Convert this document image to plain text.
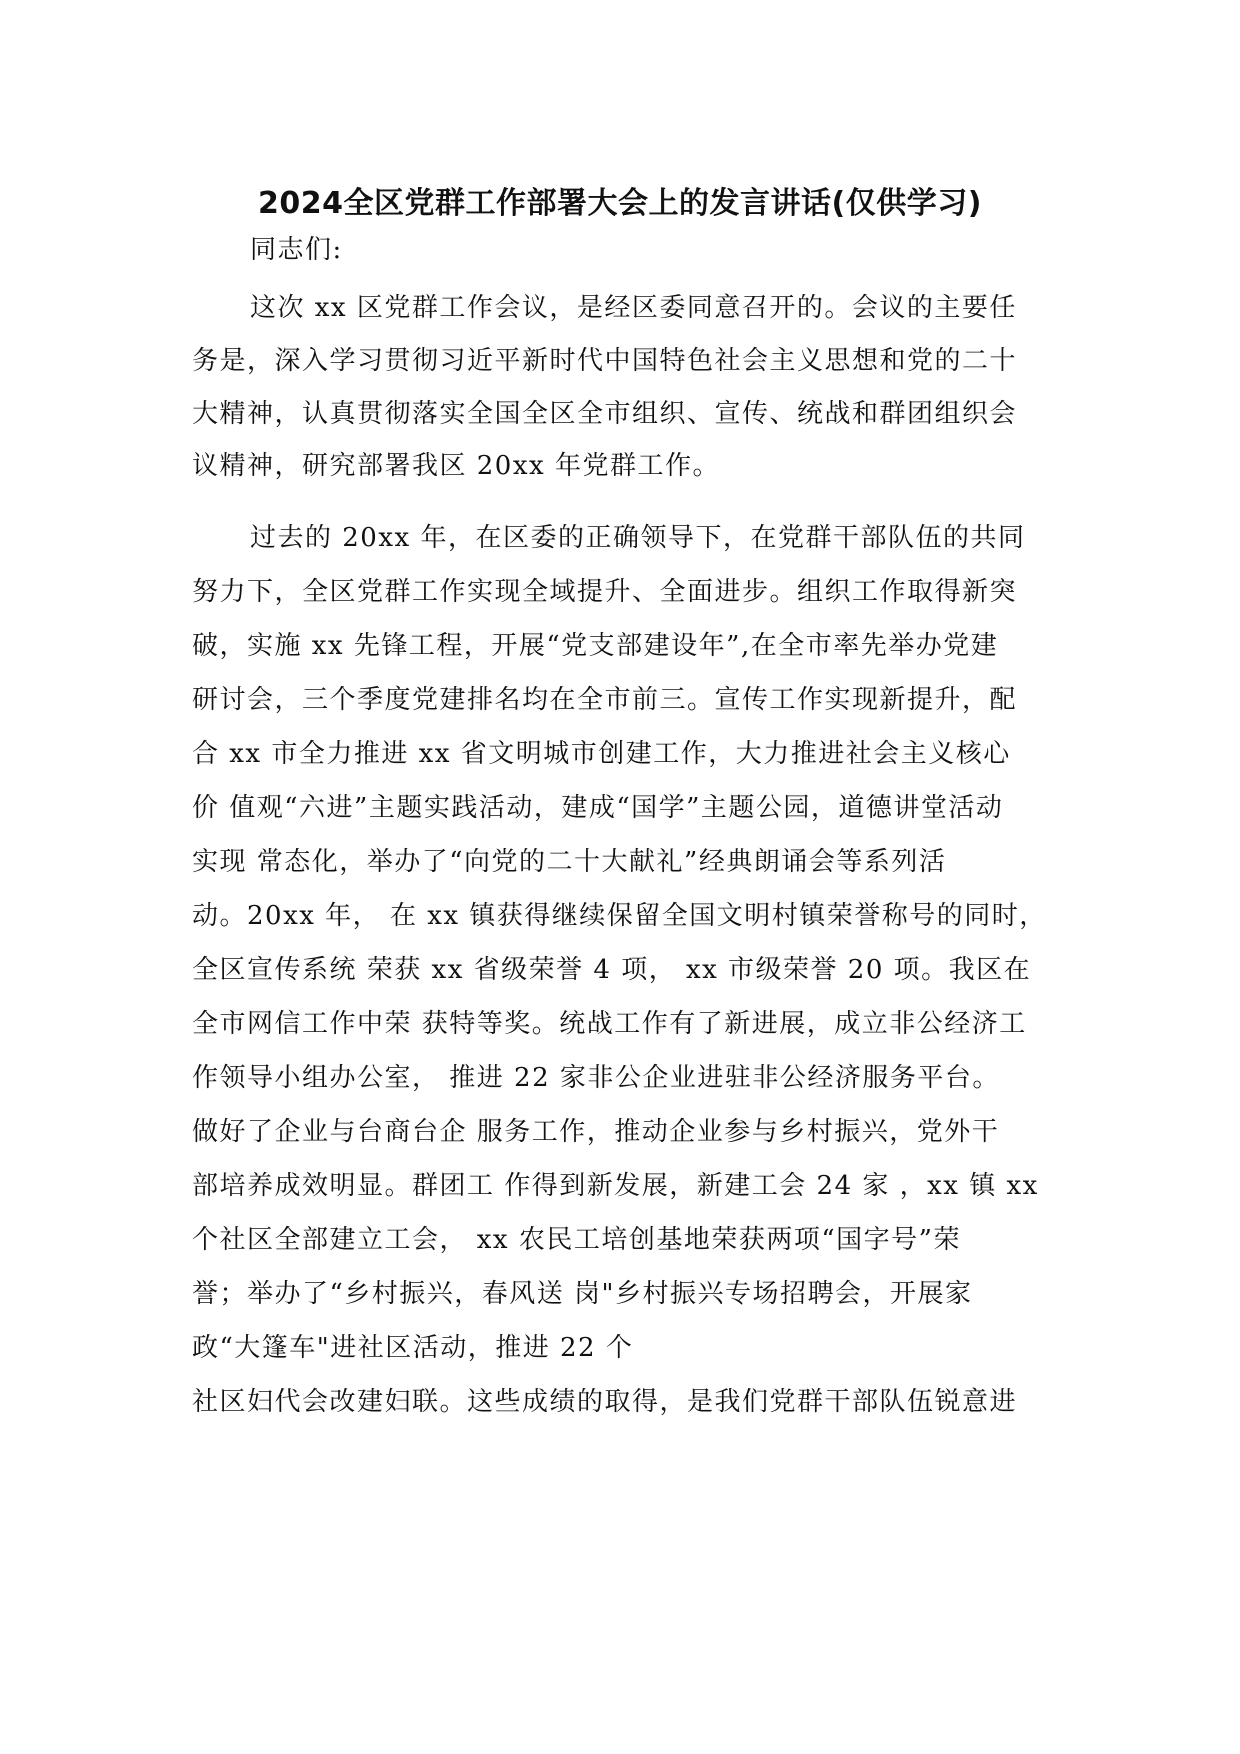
2024全区党群工作部署大会上的发言讲话(仅供学习)
同志们:
这次 xx 区党群工作会议，是经区委同意召开的。会议的主要任
务是，深入学习贯彻习近平新时代中国特色社会主义思想和党的二十
大精神，认真贯彻落实全国全区全市组织、宣传、统战和群团组织会
议精神，研究部署我区 20xx 年党群工作。
过去的 20xx 年，在区委的正确领导下，在党群干部队伍的共同
努力下，全区党群工作实现全域提升、全面进步。组织工作取得新突
破，实施 xx 先锋工程，开展“党支部建设年”,在全市率先举办党建
研讨会，三个季度党建排名均在全市前三。宣传工作实现新提升，配
合 xx 市全力推进 xx 省文明城市创建工作，大力推进社会主义核心
价 值观“六进”主题实践活动，建成“国学”主题公园，道德讲堂活动
实现 常态化，举办了“向党的二十大献礼”经典朗诵会等系列活
动。20xx 年， 在 xx 镇获得继续保留全国文明村镇荣誉称号的同时，
全区宣传系统 荣获 xx 省级荣誉 4 项， xx 市级荣誉 20 项。我区在
全市网信工作中荣 获特等奖。统战工作有了新进展，成立非公经济工
作领导小组办公室， 推进 22 家非公企业进驻非公经济服务平台。
做好了企业与台商台企 服务工作，推动企业参与乡村振兴，党外干
部培养成效明显。群团工 作得到新发展，新建工会 24 家 ，xx 镇 xx
个社区全部建立工会， xx 农民工培创基地荣获两项“国字号”荣
誉；举办了“乡村振兴，春风送 岗"乡村振兴专场招聘会，开展家
政“大篷车"进社区活动，推进 22 个
社区妇代会改建妇联。这些成绩的取得，是我们党群干部队伍锐意进
